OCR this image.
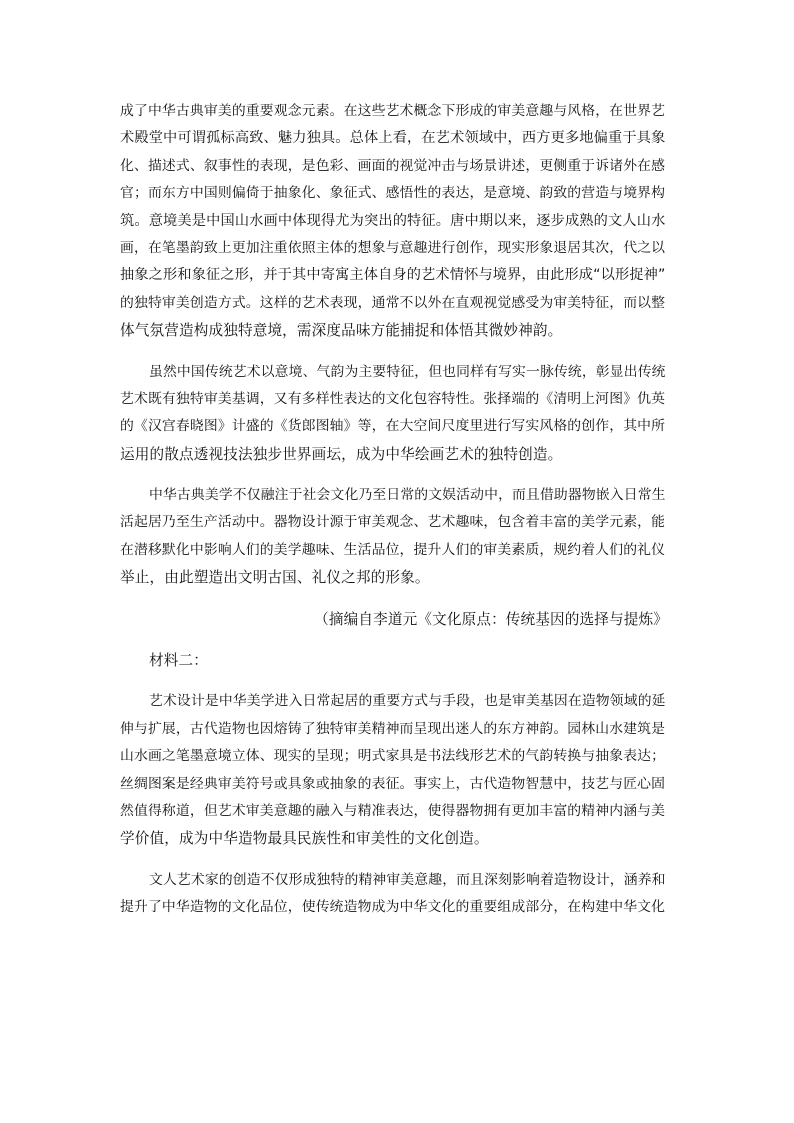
成了中华古典审美的重要观念元素。在这些艺术概念下形成的审美意趣与风格，在世界艺
术殿堂中可谓孤标高致、魅力独具。总体上看，在艺术领域中，西方更多地偏重于具象
化、描述式、叙事性的表现，是色彩、画面的视觉冲击与场景讲述，更侧重于诉诸外在感
官；而东方中国则偏倚于抽象化、象征式、感悟性的表达，是意境、韵致的营造与境界构
筑。意境美是中国山水画中体现得尤为突出的特征。唐中期以来，逐步成熟的文人山水
画，在笔墨韵致上更加注重依照主体的想象与意趣进行创作，现实形象退居其次，代之以
抽象之形和象征之形，并于其中寄寓主体自身的艺术情怀与境界，由此形成“以形捉神”
的独特审美创造方式。这样的艺术表现，通常不以外在直观视觉感受为审美特征，而以整
体气氛营造构成独特意境，需深度品味方能捕捉和体悟其微妙神韵。

虽然中国传统艺术以意境、气韵为主要特征，但也同样有写实一脉传统，彰显出传统
艺术既有独特审美基调，又有多样性表达的文化包容特性。张择端的《清明上河图》仇英
的《汉宫春晓图》计盛的《货郎图轴》等，在大空间尺度里进行写实风格的创作，其中所
运用的散点透视技法独步世界画坛，成为中华绘画艺术的独特创造。

中华古典美学不仅融注于社会文化乃至日常的文娱活动中，而且借助器物嵌入日常生
活起居乃至生产活动中。器物设计源于审美观念、艺术趣味，包含着丰富的美学元素，能
在潜移默化中影响人们的美学趣味、生活品位，提升人们的审美素质，规约着人们的礼仪
举止，由此塑造出文明古国、礼仪之邦的形象。

（摘编自李道元《文化原点：传统基因的选择与提炼》

材料二：

艺术设计是中华美学进入日常起居的重要方式与手段，也是审美基因在造物领域的延
伸与扩展，古代造物也因熔铸了独特审美精神而呈现出迷人的东方神韵。园林山水建筑是
山水画之笔墨意境立体、现实的呈现；明式家具是书法线形艺术的气韵转换与抽象表达；
丝绸图案是经典审美符号或具象或抽象的表征。事实上，古代造物智慧中，技艺与匠心固
然值得称道，但艺术审美意趣的融入与精准表达，使得器物拥有更加丰富的精神内涵与美
学价值，成为中华造物最具民族性和审美性的文化创造。

文人艺术家的创造不仅形成独特的精神审美意趣，而且深刻影响着造物设计，涵养和
提升了中华造物的文化品位，使传统造物成为中华文化的重要组成部分，在构建中华文化
